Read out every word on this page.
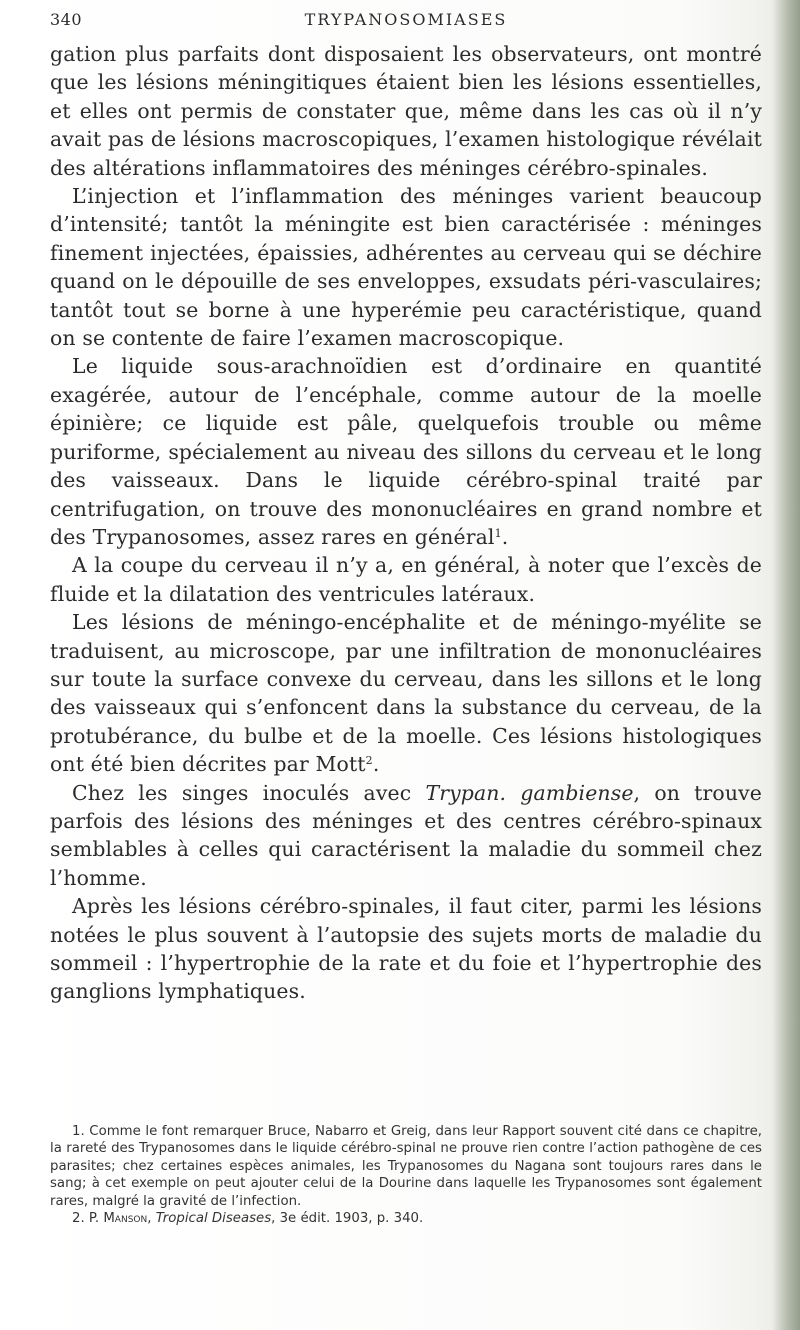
340	TRYPANOSOMIASES

gation plus parfaits dont disposaient les observateurs, ont montré que les lésions méningitiques étaient bien les lésions essentielles, et elles ont permis de constater que, même dans les cas où il n’y avait pas de lésions macroscopiques, l’examen histologique révélait des altérations inflammatoires des méninges cérébro-spinales.

L’injection et l’inflammation des méninges varient beaucoup d’intensité; tantôt la méningite est bien caractérisée : méninges finement injectées, épaissies, adhérentes au cerveau qui se déchire quand on le dépouille de ses enveloppes, exsudats péri-vasculaires; tantôt tout se borne à une hyperémie peu caractéristique, quand on se contente de faire l’examen macroscopique.

Le liquide sous-arachnoïdien est d’ordinaire en quantité exagérée, autour de l’encéphale, comme autour de la moelle épinière; ce liquide est pâle, quelquefois trouble ou même puriforme, spécialement au niveau des sillons du cerveau et le long des vaisseaux. Dans le liquide cérébro-spinal traité par centrifugation, on trouve des mononucléaires en grand nombre et des Trypanosomes, assez rares en général$^1$.

A la coupe du cerveau il n’y a, en général, à noter que l’excès de fluide et la dilatation des ventricules latéraux.

Les lésions de méningo-encéphalite et de méningo-myélite se traduisent, au microscope, par une infiltration de mononucléaires sur toute la surface convexe du cerveau, dans les sillons et le long des vaisseaux qui s’enfoncent dans la substance du cerveau, de la protubérance, du bulbe et de la moelle. Ces lésions histologiques ont été bien décrites par Mott$^2$.

Chez les singes inoculés avec Trypan. gambiense, on trouve parfois des lésions des méninges et des centres cérébro-spinaux semblables à celles qui caractérisent la maladie du sommeil chez l’homme.

Après les lésions cérébro-spinales, il faut citer, parmi les lésions notées le plus souvent à l’autopsie des sujets morts de maladie du sommeil : l’hypertrophie de la rate et du foie et l’hypertrophie des ganglions lymphatiques.

1. Comme le font remarquer Bruce, Nabarro et Greig, dans leur Rapport souvent cité dans ce chapitre, la rareté des Trypanosomes dans le liquide cérébro-spinal ne prouve rien contre l’action pathogène de ces parasites; chez certaines espèces animales, les Trypanosomes du Nagana sont toujours rares dans le sang; à cet exemple on peut ajouter celui de la Dourine dans laquelle les Trypanosomes sont également rares, malgré la gravité de l’infection.

2. P. Manson, Tropical Diseases, 3e édit. 1903, p. 340.
